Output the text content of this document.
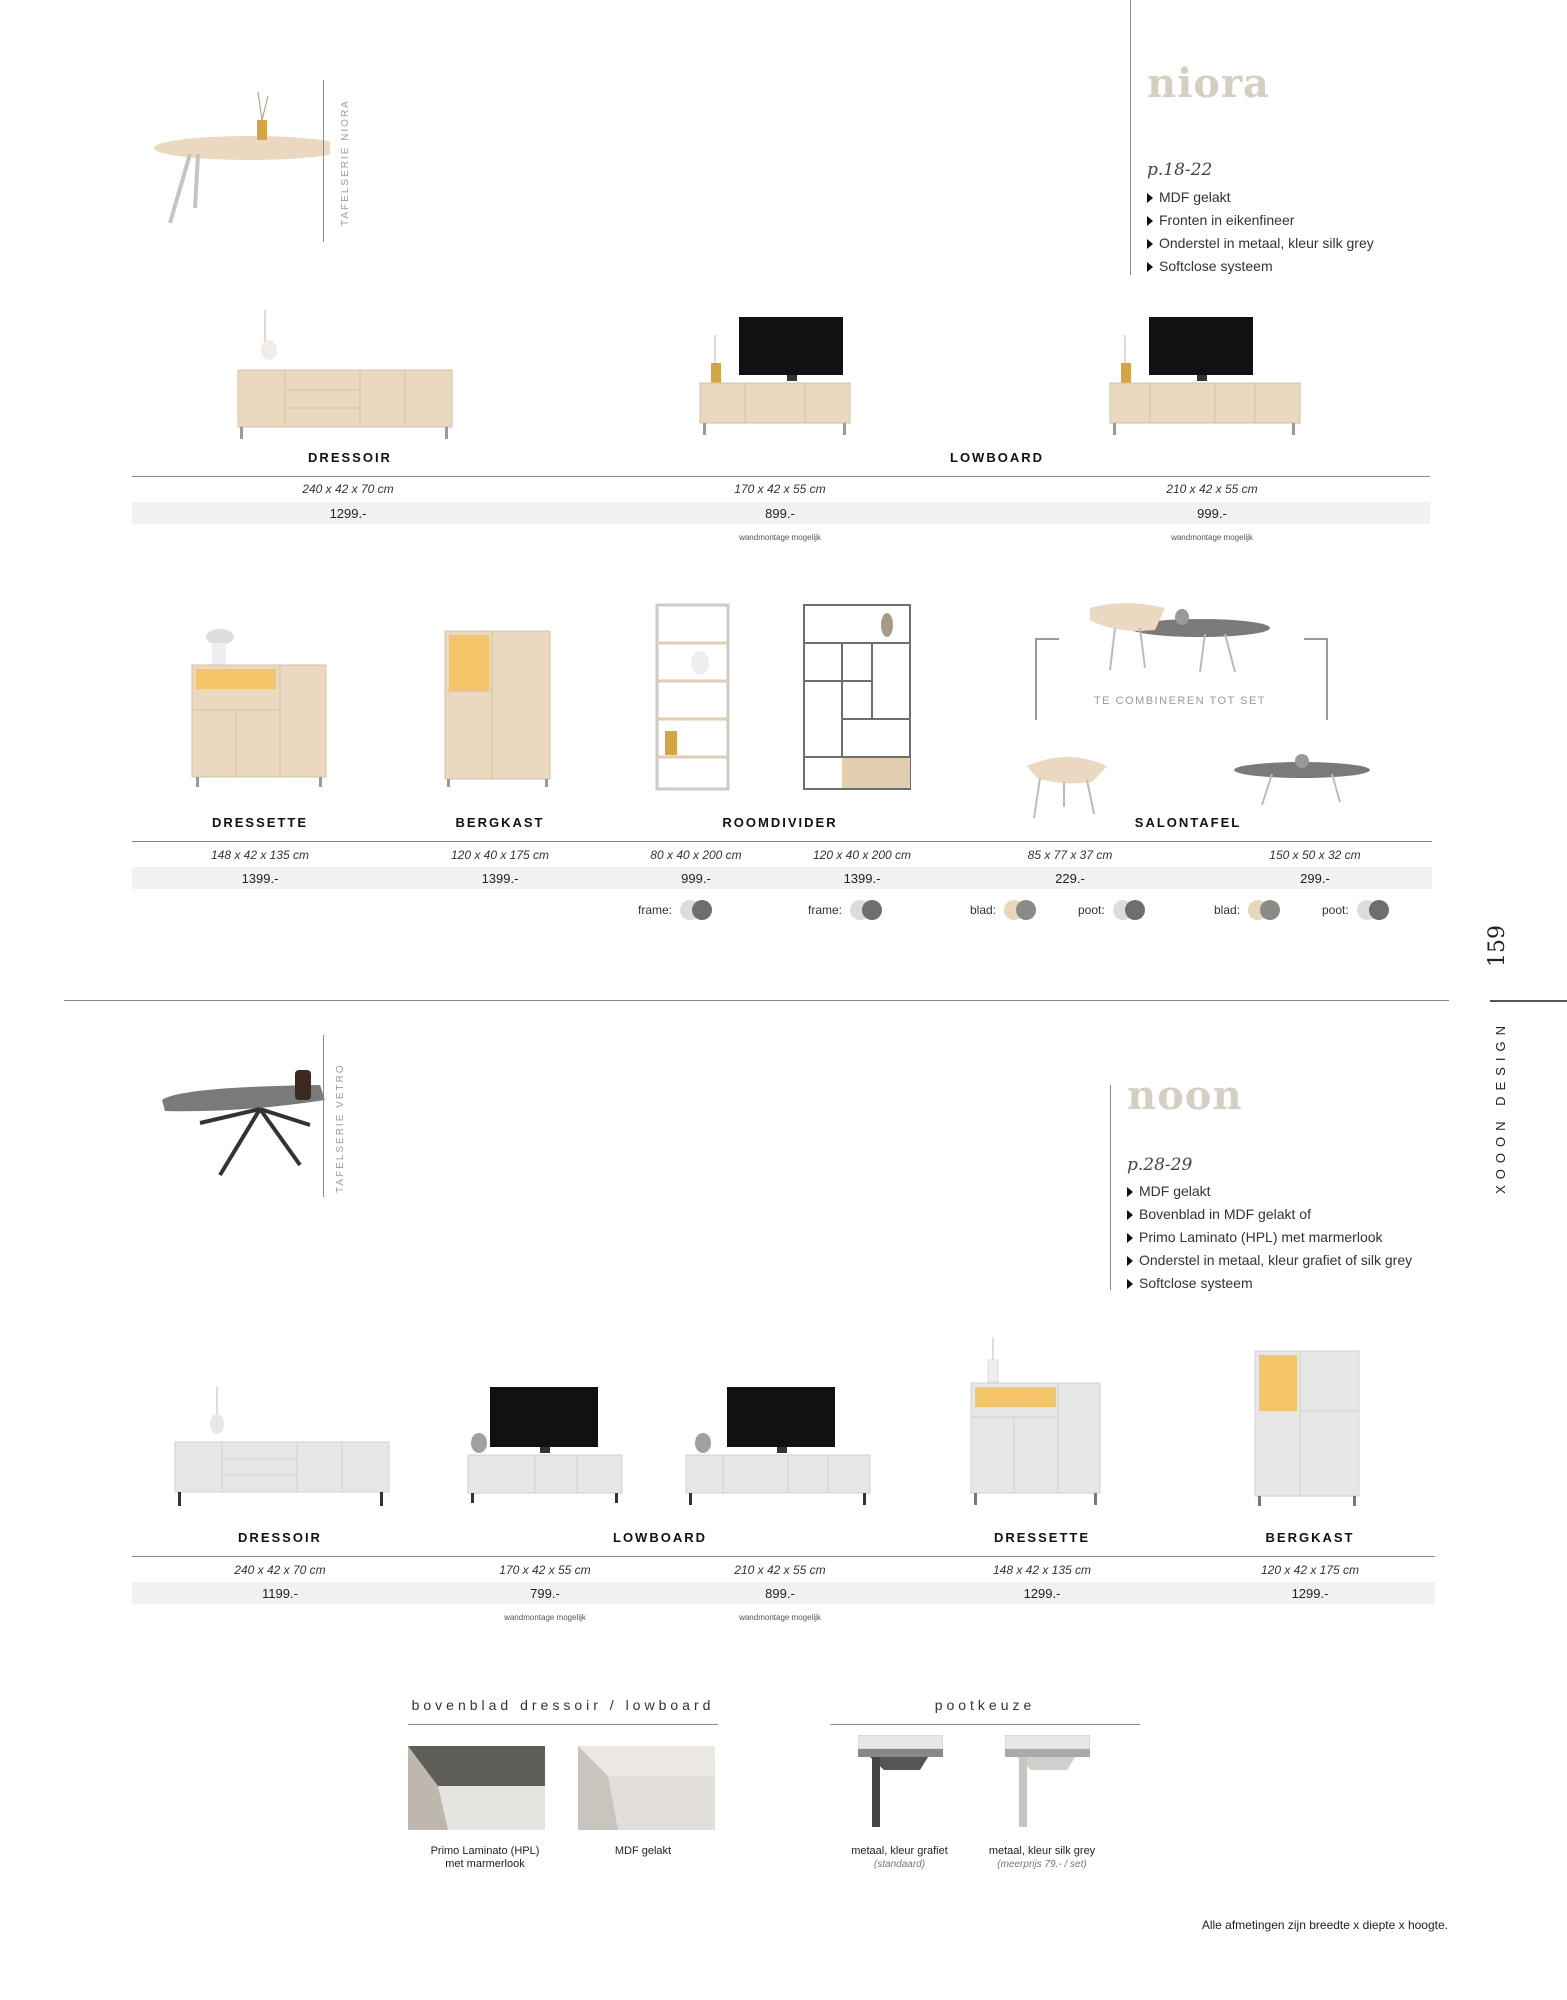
TAFELSERIE NIORA
niora
p.18-22
MDF gelakt
Fronten in eikenfineer
Onderstel in metaal, kleur silk grey
Softclose systeem
DRESSOIR	LOWBOARD
240 x 42 x 70 cm	170 x 42 x 55 cm	210 x 42 x 55 cm
1299.-	899.-	999.-
wandmontage mogelijk	wandmontage mogelijk
TE COMBINEREN TOT SET
DRESSETTE	BERGKAST	ROOMDIVIDER	SALONTAFEL
148 x 42 x 135 cm	120 x 40 x 175 cm	80 x 40 x 200 cm	120 x 40 x 200 cm	85 x 77 x 37 cm	150 x 50 x 32 cm
1399.-	1399.-	999.-	1399.-	229.-	299.-
frame:	frame:	blad:	poot:	blad:	poot:
159
XOOON DESIGN
TAFELSERIE VETRO	noon
p.28-29
MDF gelakt
Bovenblad in MDF gelakt of
Primo Laminato (HPL) met marmerlook
Onderstel in metaal, kleur grafiet of silk grey
Softclose systeem
DRESSOIR	LOWBOARD	DRESSETTE	BERGKAST
240 x 42 x 70 cm	170 x 42 x 55 cm	210 x 42 x 55 cm	148 x 42 x 135 cm	120 x 42 x 175 cm
1199.-	799.-	899.-	1299.-	1299.-
wandmontage mogelijk	wandmontage mogelijk
bovenblad dressoir / lowboard
Primo Laminato (HPL)
met marmerlook
MDF gelakt
pootkeuze
metaal, kleur grafiet
(standaard)
metaal, kleur silk grey
(meerprijs 79.- / set)
Alle afmetingen zijn breedte x diepte x hoogte.
